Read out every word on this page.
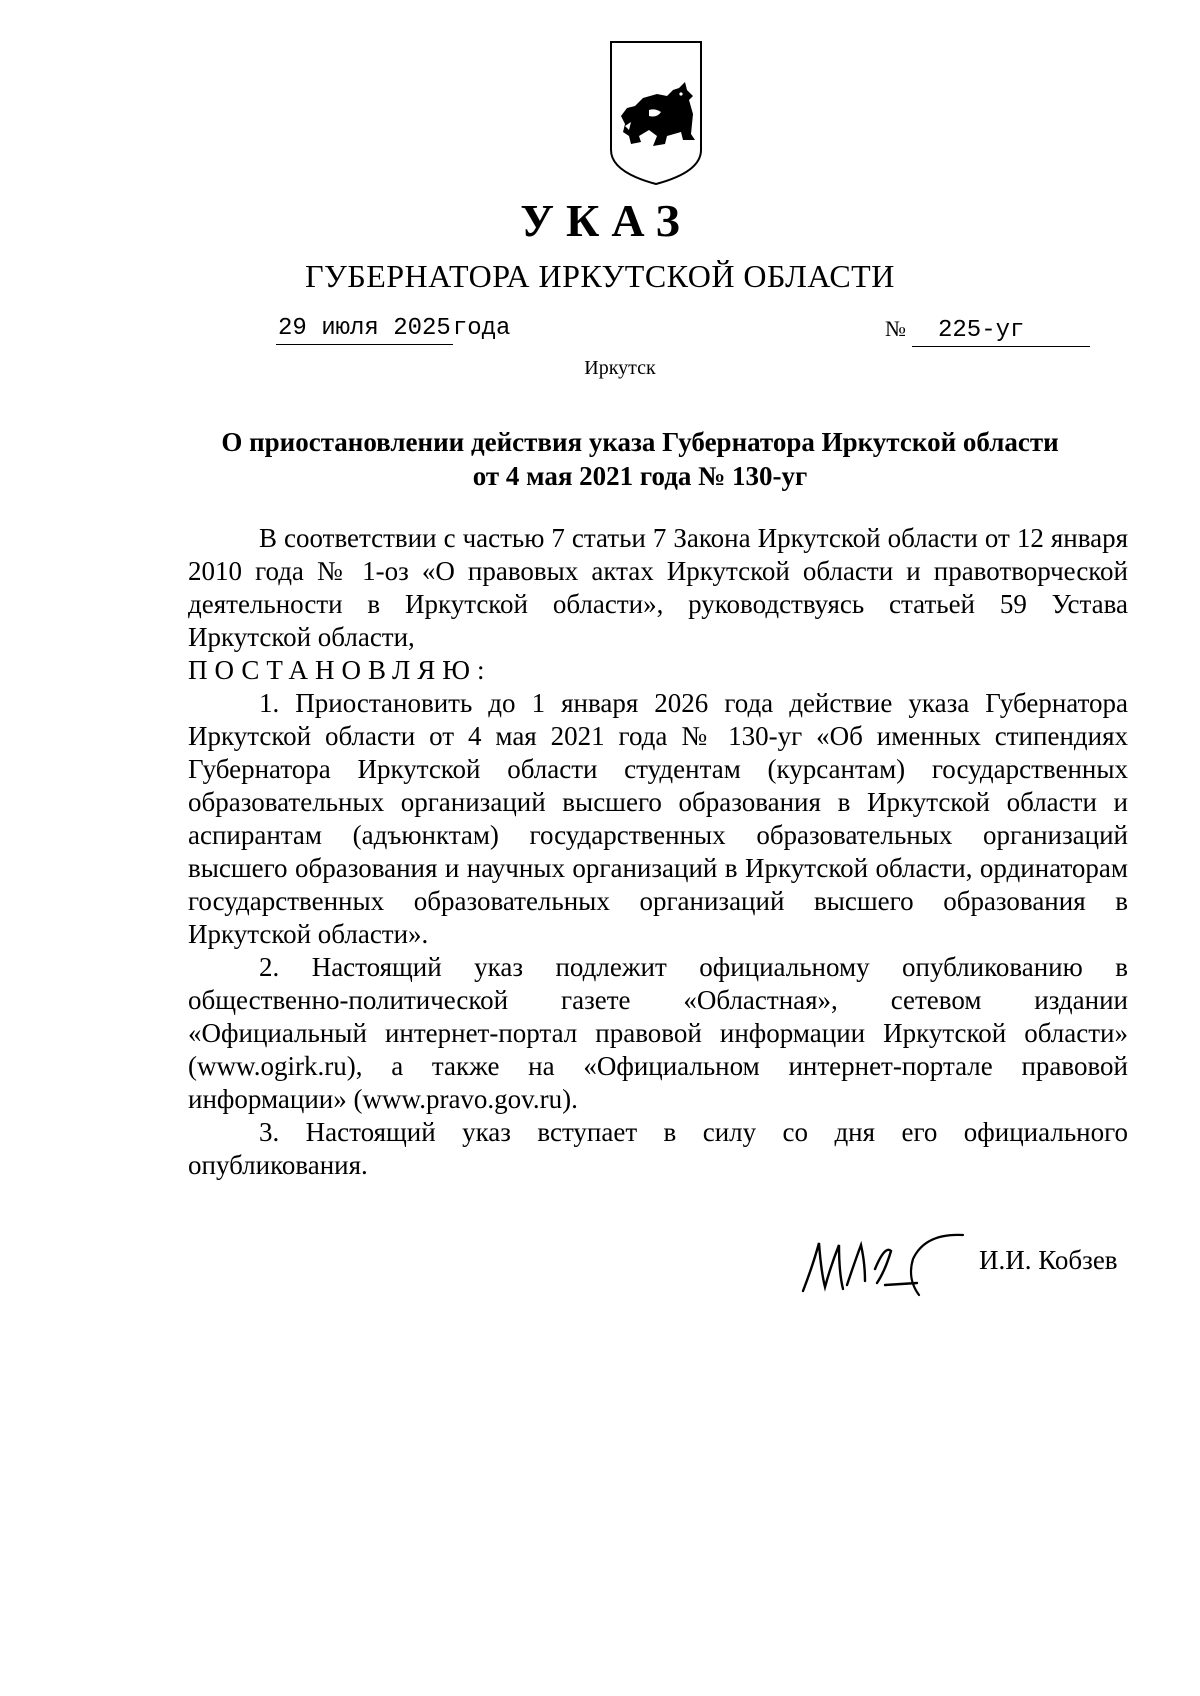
УКАЗ
ГУБЕРНАТОРА ИРКУТСКОЙ ОБЛАСТИ
29 июля 2025года	№ 225-уг
Иркутск
О приостановлении действия указа Губернатора Иркутской области
от 4 мая 2021 года № 130-уг

В соответствии с частью 7 статьи 7 Закона Иркутской области от 12 января 2010 года № 1-оз «О правовых актах Иркутской области и правотворческой деятельности в Иркутской области», руководствуясь статьей 59 Устава Иркутской области,

ПОСТАНОВЛЯЮ:

1. Приостановить до 1 января 2026 года действие указа Губернатора Иркутской области от 4 мая 2021 года № 130-уг «Об именных стипендиях Губернатора Иркутской области студентам (курсантам) государственных образовательных организаций высшего образования в Иркутской области и аспирантам (адъюнктам) государственных образовательных организаций высшего образования и научных организаций в Иркутской области, ординаторам государственных образовательных организаций высшего образования в Иркутской области».

2. Настоящий указ подлежит официальному опубликованию в общественно-политической газете «Областная», сетевом издании «Официальный интернет-портал правовой информации Иркутской области» (www.ogirk.ru), а также на «Официальном интернет-портале правовой информации» (www.pravo.gov.ru).

3. Настоящий указ вступает в силу со дня его официального опубликования.

И.И. Кобзев
